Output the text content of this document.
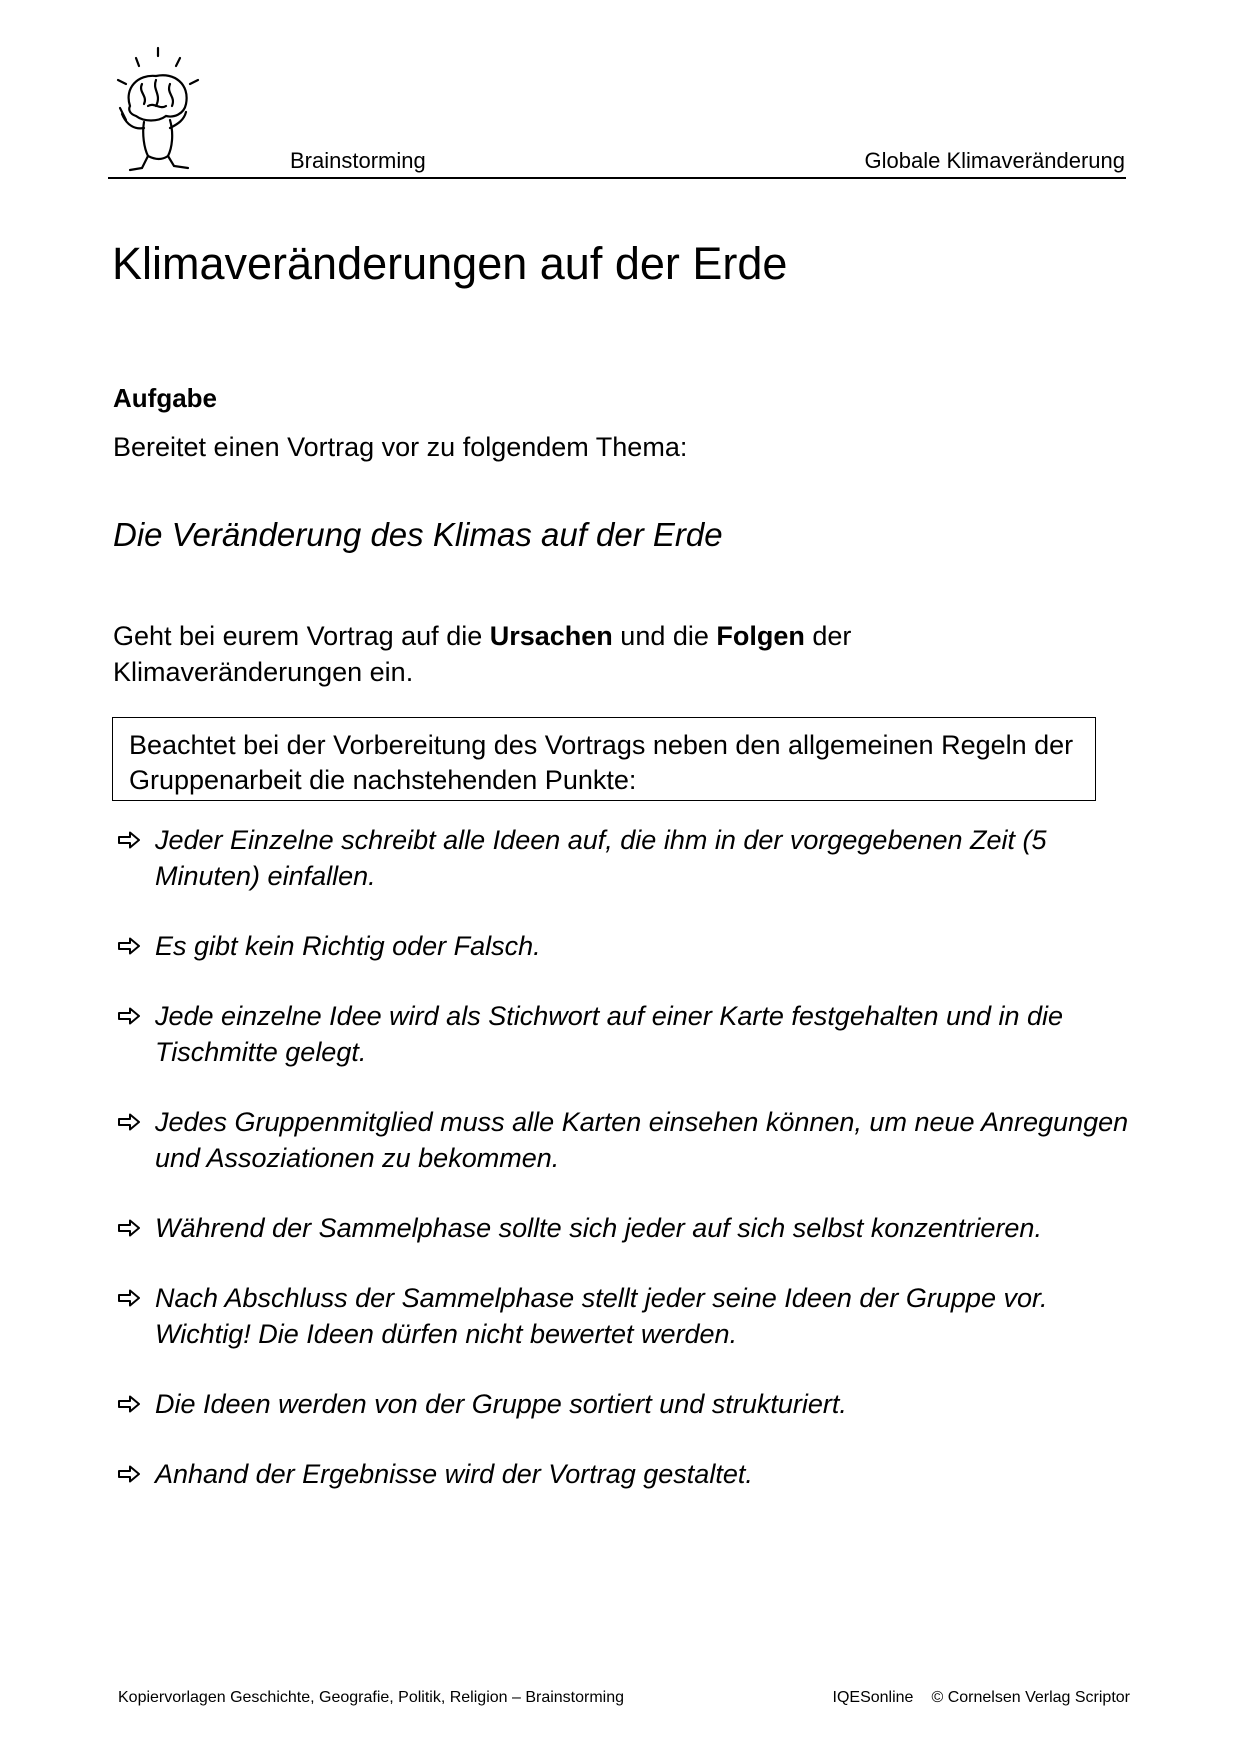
Brainstorming	Globale Klimaveränderung
Klimaveränderungen auf der Erde
Aufgabe
Bereitet einen Vortrag vor zu folgendem Thema:
Die Veränderung des Klimas auf der Erde
Geht bei eurem Vortrag auf die Ursachen und die Folgen der Klimaveränderungen ein.
Beachtet bei der Vorbereitung des Vortrags neben den allgemeinen Regeln der Gruppenarbeit die nachstehenden Punkte:
Jeder Einzelne schreibt alle Ideen auf, die ihm in der vorgegebenen Zeit (5 Minuten) einfallen.
Es gibt kein Richtig oder Falsch.
Jede einzelne Idee wird als Stichwort auf einer Karte festgehalten und in die Tischmitte gelegt.
Jedes Gruppenmitglied muss alle Karten einsehen können, um neue Anregungen und Assoziationen zu bekommen.
Während der Sammelphase sollte sich jeder auf sich selbst konzentrieren.
Nach Abschluss der Sammelphase stellt jeder seine Ideen der Gruppe vor. Wichtig! Die Ideen dürfen nicht bewertet werden.
Die Ideen werden von der Gruppe sortiert und strukturiert.
Anhand der Ergebnisse wird der Vortrag gestaltet.
Kopiervorlagen Geschichte, Geografie, Politik, Religion – Brainstorming	IQESonline © Cornelsen Verlag Scriptor
